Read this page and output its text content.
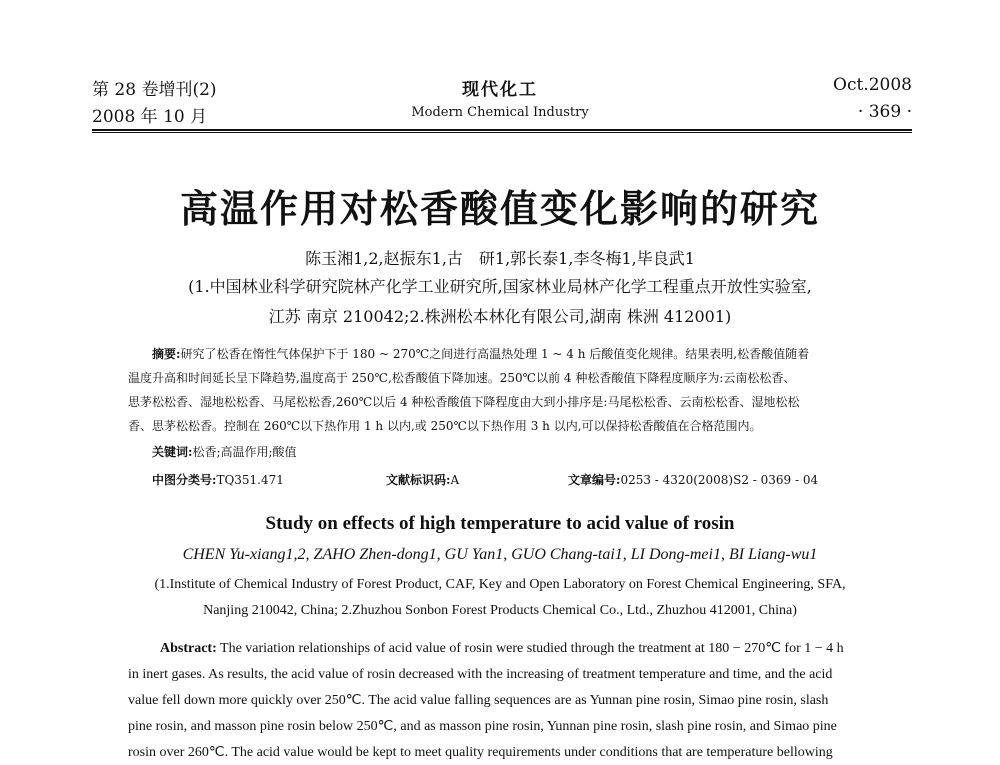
第 28 卷增刊(2)
2008 年 10 月
现代化工
Modern Chemical Industry
Oct.2008
· 369 ·
高温作用对松香酸值变化影响的研究
陈玉湘1,2,赵振东1,古　研1,郭长泰1,李冬梅1,毕良武1
(1.中国林业科学研究院林产化学工业研究所,国家林业局林产化学工程重点开放性实验室,
江苏 南京 210042;2.株洲松本林化有限公司,湖南 株洲 412001)
摘要:研究了松香在惰性气体保护下于 180 ~ 270℃之间进行高温热处理 1 ~ 4 h 后酸值变化规律。结果表明,松香酸值随着
温度升高和时间延长呈下降趋势,温度高于 250℃,松香酸值下降加速。250℃以前 4 种松香酸值下降程度顺序为:云南松松香、
思茅松松香、湿地松松香、马尾松松香,260℃以后 4 种松香酸值下降程度由大到小排序是:马尾松松香、云南松松香、湿地松松
香、思茅松松香。控制在 260℃以下热作用 1 h 以内,或 250℃以下热作用 3 h 以内,可以保持松香酸值在合格范围内。
关键词:松香;高温作用;酸值
中图分类号:TQ351.471	文献标识码:A	文章编号:0253 - 4320(2008)S2 - 0369 - 04
Study on effects of high temperature to acid value of rosin
CHEN Yu-xiang1,2, ZAHO Zhen-dong1, GU Yan1, GUO Chang-tai1, LI Dong-mei1, BI Liang-wu1
(1.Institute of Chemical Industry of Forest Product, CAF, Key and Open Laboratory on Forest Chemical Engineering, SFA,
Nanjing 210042, China; 2.Zhuzhou Sonbon Forest Products Chemical Co., Ltd., Zhuzhou 412001, China)
Abstract: The variation relationships of acid value of rosin were studied through the treatment at 180 − 270℃ for 1 − 4 h
in inert gases. As results, the acid value of rosin decreased with the increasing of treatment temperature and time, and the acid
value fell down more quickly over 250℃. The acid value falling sequences are as Yunnan pine rosin, Simao pine rosin, slash
pine rosin, and masson pine rosin below 250℃, and as masson pine rosin, Yunnan pine rosin, slash pine rosin, and Simao pine
rosin over 260℃. The acid value would be kept to meet quality requirements under conditions that are temperature bellowing
